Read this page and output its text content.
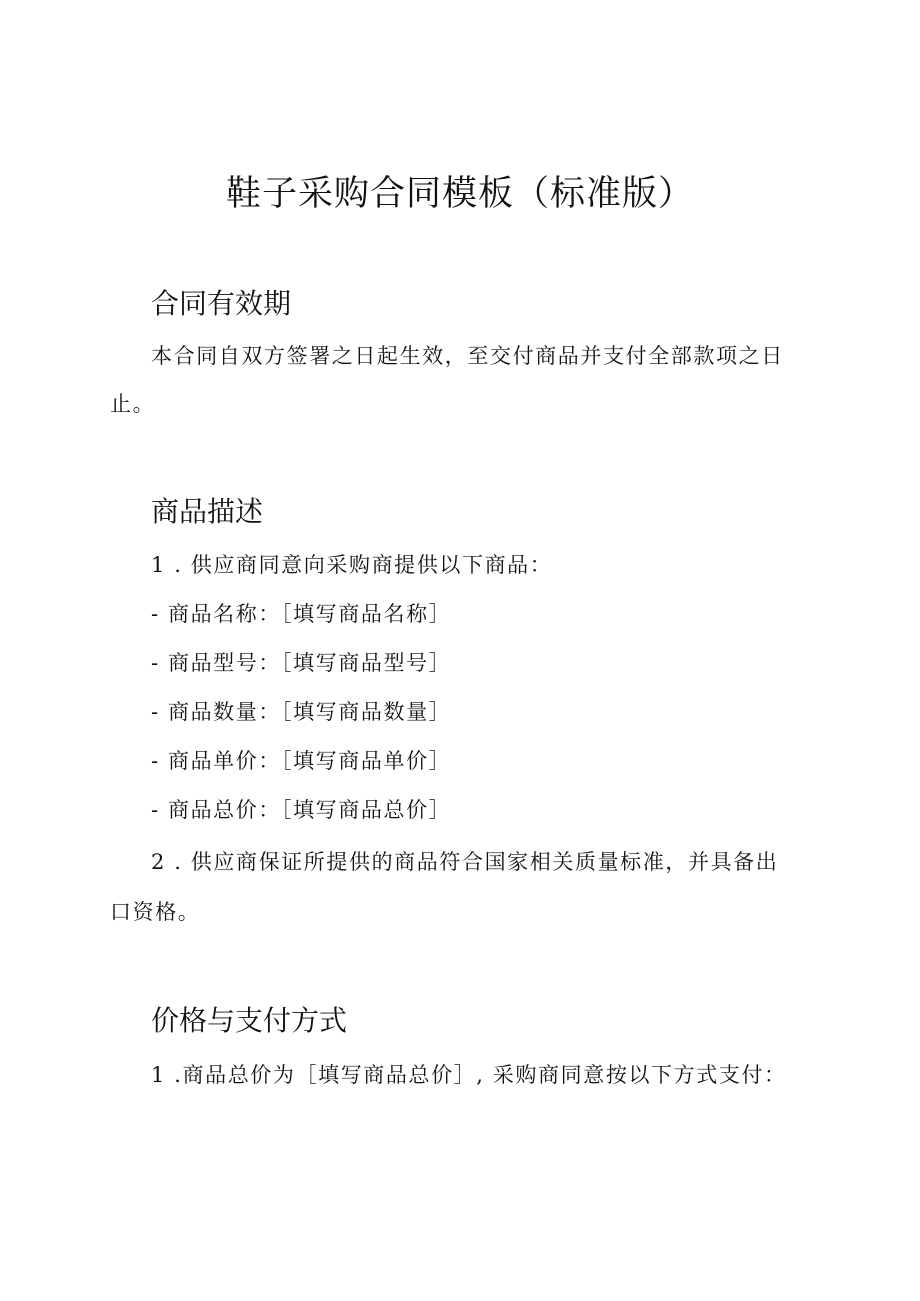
鞋子采购合同模板（标准版）
合同有效期
本合同自双方签署之日起生效，至交付商品并支付全部款项之日
止。
商品描述
1 . 供应商同意向采购商提供以下商品：
- 商品名称：［填写商品名称］
- 商品型号：［填写商品型号］
- 商品数量：［填写商品数量］
- 商品单价：［填写商品单价］
- 商品总价：［填写商品总价］
2 . 供应商保证所提供的商品符合国家相关质量标准，并具备出
口资格。
价格与支付方式
1 .商品总价为［填写商品总价］, 采购商同意按以下方式支付：
